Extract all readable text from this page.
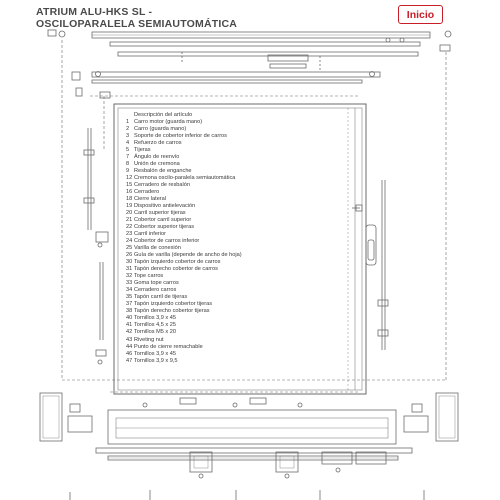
ATRIUM ALU-HKS SL -
OSCILOPARALELA SEMIAUTOMÁTICA
Inicio
Descripción del artículo
1 Carro motor (guarda mano)
2 Carro (guarda mano)
3 Soporte de cobertor inferior de carros
4 Refuerzo de carros
5 Tijeras
7 Ángulo de reenvío
8 Unión de cremona
9 Resbalón de enganche
12 Cremona oscilo-paralela semiautomática
15 Cerradero de resbalón
16 Cerradero
18 Cierre lateral
19 Dispositivo antielevación
20 Carril superior tijeras
21 Cobertor carril superior
22 Cobertor superior tijeras
23 Carril inferior
24 Cobertor de carros inferior
25 Varilla de conexión
26 Guía de varilla (depende de ancho de hoja)
30 Tapón izquierdo cobertor de carros
31 Tapón derecho cobertor de carros
32 Tope carros
33 Goma tope carros
34 Cerradero carros
35 Tapón carril de tijeras
37 Tapón izquierdo cobertor tijeras
38 Tapón derecho cobertor tijeras
40 Tornillos 3,9 x 45
41 Tornillos 4,5 x 25
42 Tornillos M5 x 20
43 Riveting nut
44 Punto de cierre remachable
46 Tornillos 3,9 x 45
47 Tornillos 3,9 x 9,5
